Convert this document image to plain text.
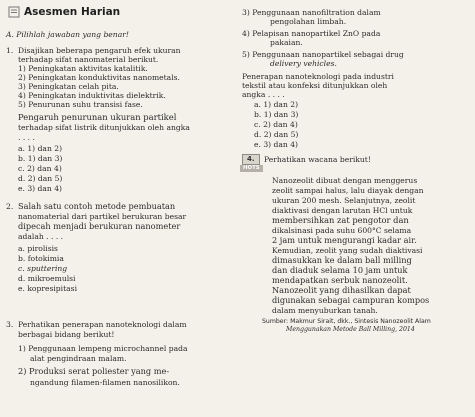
Asesmen Harian
A. Pilihlah jawaban yang benar!
1. Disajikan beberapa pengaruh efek ukuran
terhadap sifat nanomaterial berikut.
1) Peningkatan aktivitas katalitik.
2) Peningkatan konduktivitas nanometals.
3) Peningkatan celah pita.
4) Peningkatan induktivitas dielektrik.
5) Penurunan suhu transisi fase.
Pengaruh penurunan ukuran partikel
terhadap sifat listrik ditunjukkan oleh angka
. . . .
a. 1) dan 2)
b. 1) dan 3)
c. 2) dan 4)
d. 2) dan 5)
e. 3) dan 4)
2. Salah satu contoh metode pembuatan
nanomaterial dari partikel berukuran besar
dipecah menjadi berukuran nanometer
adalah . . . .
a. pirolisis
b. fotokimia
c. sputtering
d. mikroemulsi
e. kopresipitasi
3. Perhatikan penerapan nanoteknologi dalam
berbagai bidang berikut!
1) Penggunaan lempeng microchannel pada
alat pengindraan malam.
2) Produksi serat poliester yang me-
ngandung filamen-filamen nanosilikon.
3) Penggunaan nanofiltration dalam
pengolahan limbah.
4) Pelapisan nanopartikel ZnO pada
pakaian.
5) Penggunaan nanopartikel sebagai drug
delivery vehicles.
Penerapan nanoteknologi pada industri
tekstil atau konfeksi ditunjukkan oleh
angka . . . .
a. 1) dan 2)
b. 1) dan 3)
c. 2) dan 4)
d. 2) dan 5)
e. 3) dan 4)
4.	Perhatikan wacana berikut!
HOTS
Nanozeolit dibuat dengan menggerus
zeolit sampai halus, lalu diayak dengan
ukuran 200 mesh. Selanjutnya, zeolit
diaktivasi dengan larutan HCl untuk
membersihkan zat pengotor dan
dikalsinasi pada suhu 600°C selama
2 jam untuk mengurangi kadar air.
Kemudian, zeolit yang sudah diaktivasi
dimasukkan ke dalam ball milling
dan diaduk selama 10 jam untuk
mendapatkan serbuk nanozeolit.
Nanozeolit yang dihasilkan dapat
digunakan sebagai campuran kompos
dalam menyuburkan tanah.
Sumber: Makmur Sirait, dkk., Sintesis Nanozeolit Alam
Menggunakan Metode Ball Milling, 2014
